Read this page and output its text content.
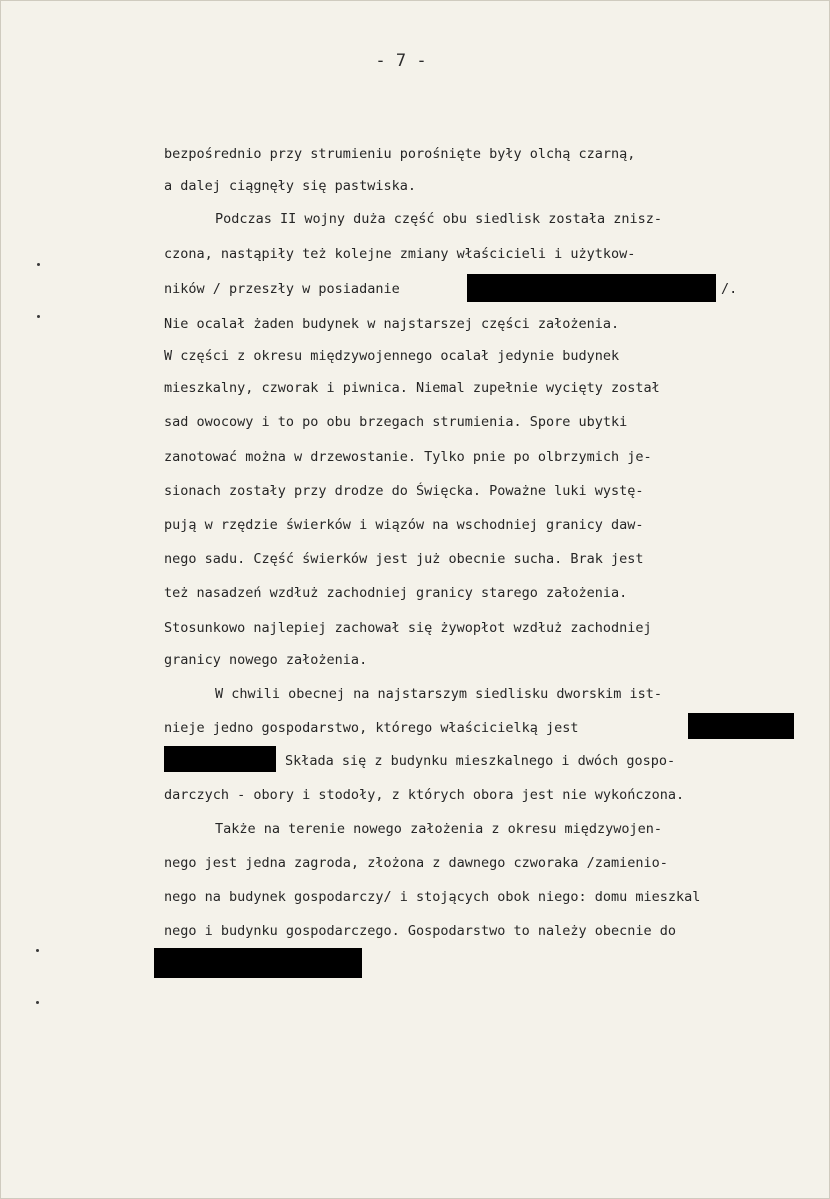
- 7 -
bezpośrednio przy strumieniu porośnięte były olchą czarną,
a dalej ciągnęły się pastwiska.
Podczas II wojny duża część obu siedlisk została znisz-
czona, nastąpiły też kolejne zmiany właścicieli i użytkow-
ników / przeszły w posiadanie	/.
Nie ocalał żaden budynek w najstarszej części założenia.
W części z okresu międzywojennego ocalał jedynie budynek
mieszkalny, czworak i piwnica. Niemal zupełnie wycięty został
sad owocowy i to po obu brzegach strumienia. Spore ubytki
zanotować można w drzewostanie. Tylko pnie po olbrzymich je-
sionach zostały przy drodze do Święcka. Poważne luki wystę-
pują w rzędzie świerków i wiązów na wschodniej granicy daw-
nego sadu. Część świerków jest już obecnie sucha. Brak jest
też nasadzeń wzdłuż zachodniej granicy starego założenia.
Stosunkowo najlepiej zachował się żywopłot wzdłuż zachodniej
granicy nowego założenia.
W chwili obecnej na najstarszym siedlisku dworskim ist-
nieje jedno gospodarstwo, którego właścicielką jest
Składa się z budynku mieszkalnego i dwóch gospo-
darczych - obory i stodoły, z których obora jest nie wykończona.
Także na terenie nowego założenia z okresu międzywojen-
nego jest jedna zagroda, złożona z dawnego czworaka /zamienio-
nego na budynek gospodarczy/ i stojących obok niego: domu mieszkal
nego i budynku gospodarczego. Gospodarstwo to należy obecnie do
